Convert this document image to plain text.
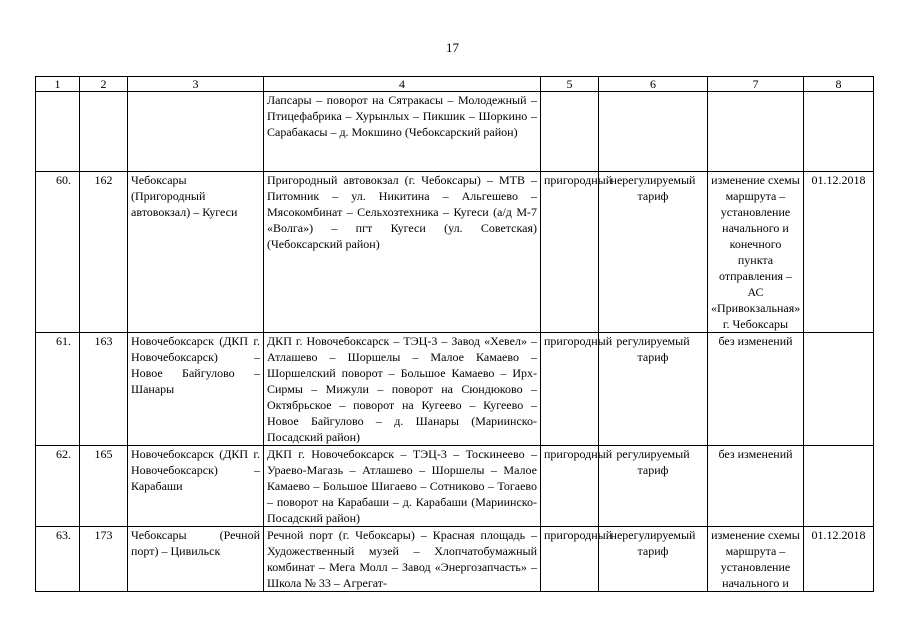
17
1	2	3	4	5	6	7	8
			Лапсары – поворот на Сятракасы – Молодежный – Птицефабрика – Хурынлых – Пикшик – Шоркино – Сарабакасы – д. Мокшино (Чебоксарский район)				
60.	162	Чебоксары (Пригородный автовокзал) – Кугеси	Пригородный автовокзал (г. Чебоксары) – МТВ – Питомник – ул. Никитина – Альгешево – Мясокомбинат – Сельхозтехника – Кугеси (а/д М-7 «Волга») – пгт Кугеси (ул. Советская) (Чебоксарский район)	пригородный	нерегулируемый тариф	изменение схемы маршрута – установление начального и конечного пункта отправления – АС «Привокзальная» г. Чебоксары	01.12.2018
61.	163	Новочебоксарск (ДКП г. Новочебоксарск) – Новое Байгулово – Шанары	ДКП г. Новочебоксарск – ТЭЦ-3 – Завод «Хевел» – Атлашево – Шоршелы – Малое Камаево – Шоршелский поворот – Большое Камаево – Ирх-Сирмы – Мижули – поворот на Сюндюково – Октябрьское – поворот на Кугеево – Кугеево – Новое Байгулово – д. Шанары (Мариинско-Посадский район)	пригородный	регулируемый тариф	без изменений	
62.	165	Новочебоксарск (ДКП г. Новочебоксарск) – Карабаши	ДКП г. Новочебоксарск – ТЭЦ-3 – Тоскинеево – Ураево-Магазь – Атлашево – Шоршелы – Малое Камаево – Большое Шигаево – Сотниково – Тогаево – поворот на Карабаши – д. Карабаши (Мариинско-Посадский район)	пригородный	регулируемый тариф	без изменений	
63.	173	Чебоксары (Речной порт) – Цивильск	Речной порт (г. Чебоксары) – Красная площадь – Художественный музей – Хлопчатобумажный комбинат – Мега Молл – Завод «Энергозапчасть» – Школа № 33 – Агрегат-	пригородный	нерегулируемый тариф	изменение схемы маршрута – установление начального и	01.12.2018
